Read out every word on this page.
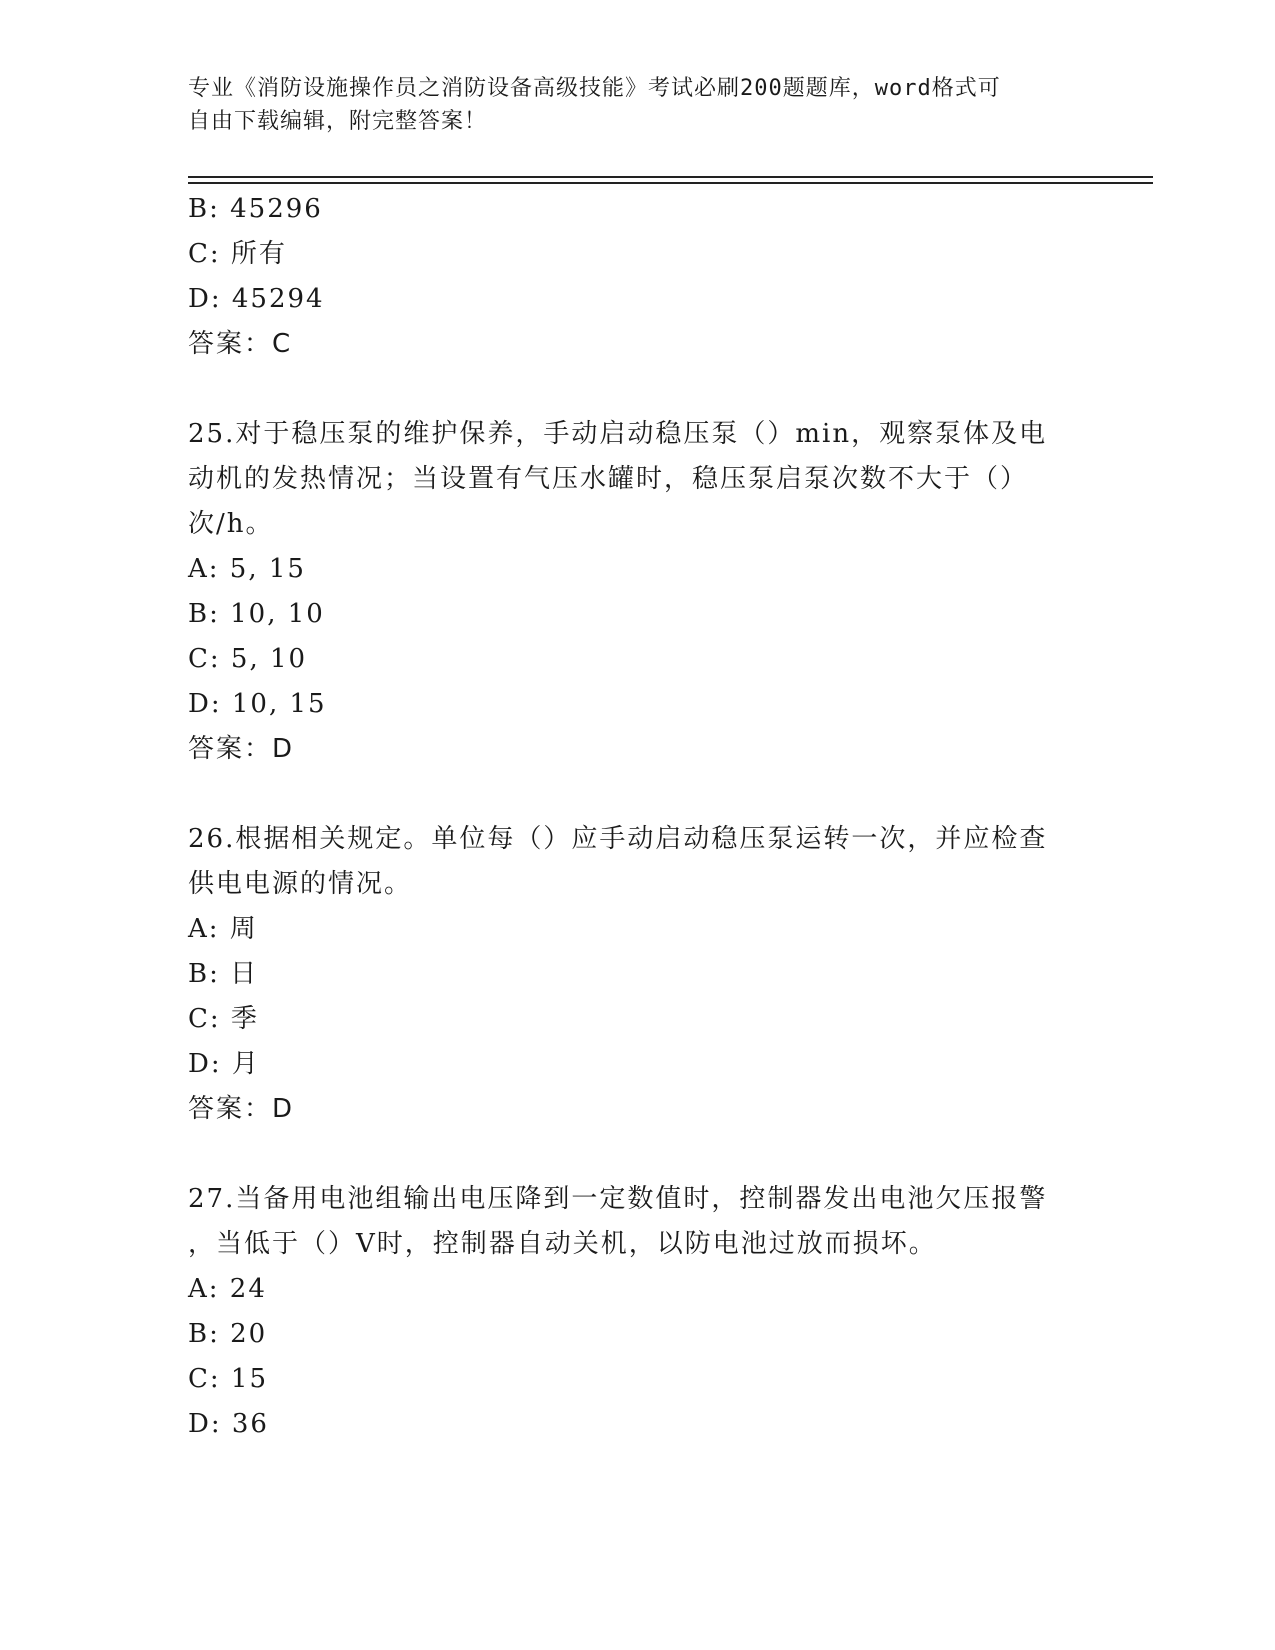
专业《消防设施操作员之消防设备高级技能》考试必刷200题题库，word格式可
自由下载编辑，附完整答案！
B: 45296
C: 所有
D: 45294
答案：C
25.对于稳压泵的维护保养，手动启动稳压泵（）min，观察泵体及电
动机的发热情况；当设置有气压水罐时，稳压泵启泵次数不大于（）
次/h。
A: 5, 15
B: 10, 10
C: 5, 10
D: 10, 15
答案：D
26.根据相关规定。单位每（）应手动启动稳压泵运转一次，并应检查
供电电源的情况。
A: 周
B: 日
C: 季
D: 月
答案：D
27.当备用电池组输出电压降到一定数值时，控制器发出电池欠压报警
，当低于（）V时，控制器自动关机，以防电池过放而损坏。
A: 24
B: 20
C: 15
D: 36
